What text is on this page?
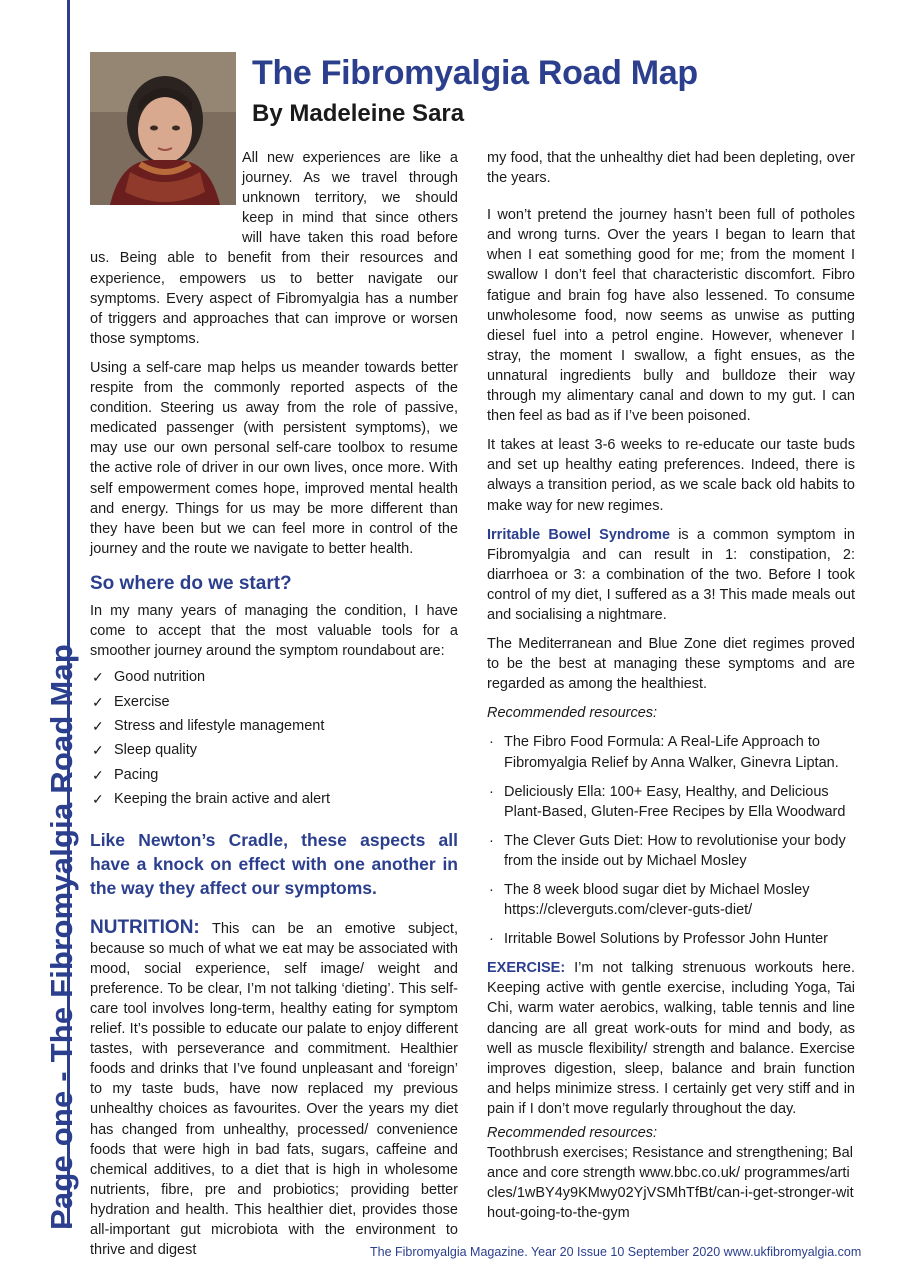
Page one - The Fibromyalgia Road Map
The Fibromyalgia Road Map
By Madeleine Sara

All new experiences are like a journey. As we travel through unknown territory, we should keep in mind that since others will have taken this road before us. Being able to benefit from their resources and experience, empowers us to better navigate our symptoms. Every aspect of Fibromyalgia has a number of triggers and approaches that can improve or worsen those symptoms.

Using a self-care map helps us meander towards better respite from the commonly reported aspects of the condition. Steering us away from the role of passive, medicated passenger (with persistent symptoms), we may use our own personal self-care toolbox to resume the active role of driver in our own lives, once more. With self empowerment comes hope, improved mental health and energy. Things for us may be more different than they have been but we can feel more in control of the journey and the route we navigate to better health.

So where do we start?

In my many years of managing the condition, I have come to accept that the most valuable tools for a smoother journey around the symptom roundabout are:

✓ Good nutrition
✓ Exercise
✓ Stress and lifestyle management
✓ Sleep quality
✓ Pacing
✓ Keeping the brain active and alert
Like Newton’s Cradle, these aspects all have a knock on effect with one another in the way they affect our symptoms.

NUTRITION: This can be an emotive subject, because so much of what we eat may be associated with mood, social experience, self image/ weight and preference. To be clear, I’m not talking ‘dieting’. This self-care tool involves long-term, healthy eating for symptom relief. It’s possible to educate our palate to enjoy different tastes, with perseverance and commitment. Healthier foods and drinks that I’ve found unpleasant and ‘foreign’ to my taste buds, have now replaced my previous unhealthy choices as favourites. Over the years my diet has changed from unhealthy, processed/ convenience foods that were high in bad fats, sugars, caffeine and chemical additives, to a diet that is high in wholesome nutrients, fibre, pre and probiotics; providing better hydration and health. This healthier diet, provides those all-important gut microbiota with the environment to thrive and digest

my food, that the unhealthy diet had been depleting, over the years.

I won’t pretend the journey hasn’t been full of potholes and wrong turns. Over the years I began to learn that when I eat something good for me; from the moment I swallow I don’t feel that characteristic discomfort. Fibro fatigue and brain fog have also lessened. To consume unwholesome food, now seems as unwise as putting diesel fuel into a petrol engine. However, whenever I stray, the moment I swallow, a fight ensues, as the unnatural ingredients bully and bulldoze their way through my alimentary canal and down to my gut. I can then feel as bad as if I’ve been poisoned.

It takes at least 3-6 weeks to re-educate our taste buds and set up healthy eating preferences. Indeed, there is always a transition period, as we scale back old habits to make way for new regimes.

Irritable Bowel Syndrome is a common symptom in Fibromyalgia and can result in 1: constipation, 2: diarrhoea or 3: a combination of the two. Before I took control of my diet, I suffered as a 3! This made meals out and socialising a nightmare.

The Mediterranean and Blue Zone diet regimes proved to be the best at managing these symptoms and are regarded as among the healthiest.

Recommended resources:

· The Fibro Food Formula: A Real-Life Approach to Fibromyalgia Relief by Anna Walker, Ginevra Liptan.
· Deliciously Ella: 100+ Easy, Healthy, and Delicious Plant-Based, Gluten-Free Recipes by Ella Woodward
· The Clever Guts Diet: How to revolutionise your body from the inside out by Michael Mosley
· The 8 week blood sugar diet by Michael Mosley https://cleverguts.com/clever-guts-diet/
· Irritable Bowel Solutions by Professor John Hunter

EXERCISE: I’m not talking strenuous workouts here. Keeping active with gentle exercise, including Yoga, Tai Chi, warm water aerobics, walking, table tennis and line dancing are all great work-outs for mind and body, as well as muscle flexibility/ strength and balance. Exercise improves digestion, sleep, balance and brain function and helps minimize stress. I certainly get very stiff and in pain if I don’t move regularly throughout the day.

Recommended resources:

Toothbrush exercises; Resistance and strengthening; Balance and core strength www.bbc.co.uk/ programmes/articles/1wBY4y9KMwy02YjVSMhTfBt/can-i-get-stronger-without-going-to-the-gym

The Fibromyalgia Magazine. Year 20 Issue 10 September 2020 www.ukfibromyalgia.com
